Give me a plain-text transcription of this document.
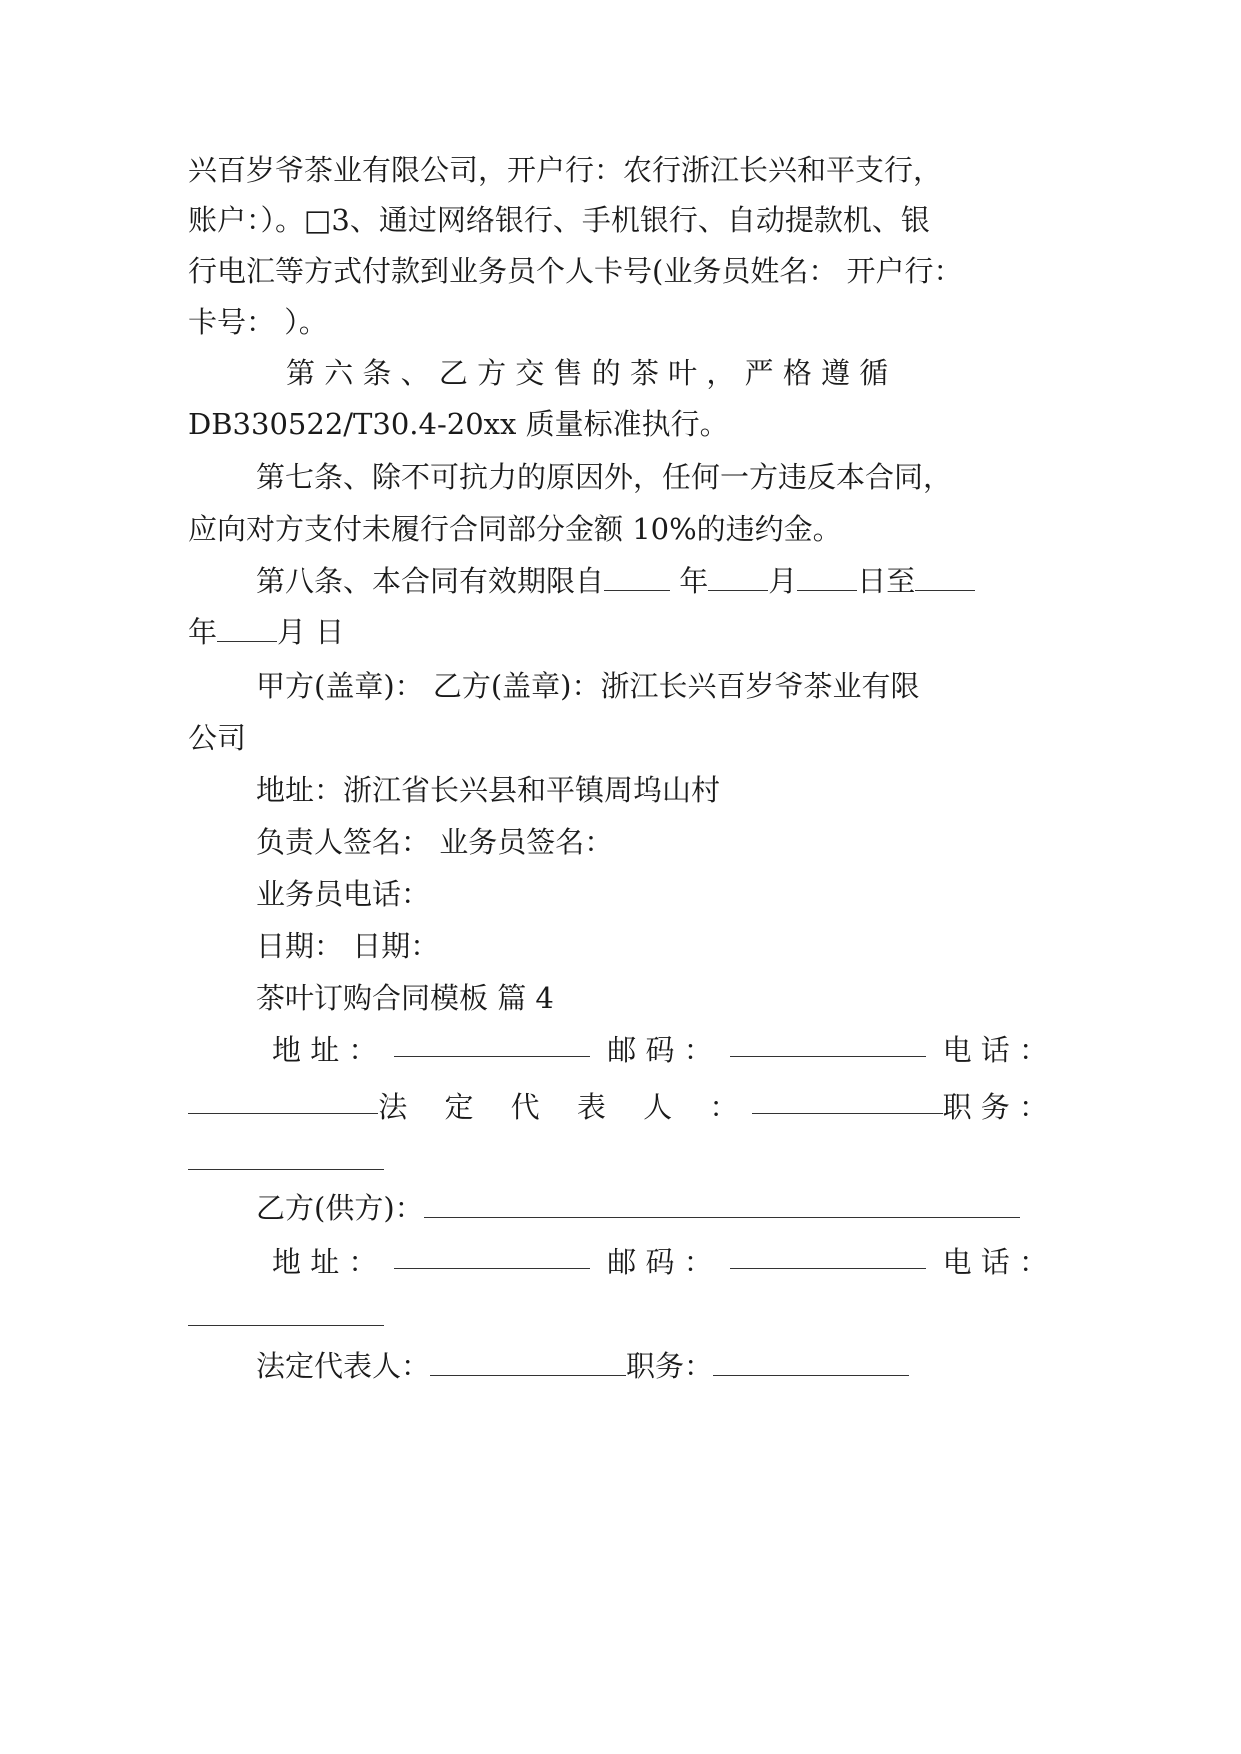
兴百岁爷茶业有限公司，开户行：农行浙江长兴和平支行，
账户：）。□3、通过网络银行、手机银行、自动提款机、银
行电汇等方式付款到业务员个人卡号(业务员姓名： 开户行：
卡号： ）。
第 六 条 、 乙 方 交 售 的 茶 叶 ， 严 格 遵 循
DB330522/T30.4-20xx 质量标准执行。
第七条、除不可抗力的原因外，任何一方违反本合同，
应向对方支付未履行合同部分金额 10%的违约金。
第八条、本合同有效期限自	年 月 日至
年 月 日
甲方(盖章)： 乙方(盖章)：浙江长兴百岁爷茶业有限
公司
地址：浙江省长兴县和平镇周坞山村
负责人签名： 业务员签名：
业务员电话：
日期： 日期：
茶叶订购合同模板 篇 4
地 址 ：	邮 码 ：	电 话 ：
法 定 代 表 人 ：	职 务 ：
乙方(供方)：
地 址 ：	邮 码 ：	电 话 ：
法定代表人：	职务：
